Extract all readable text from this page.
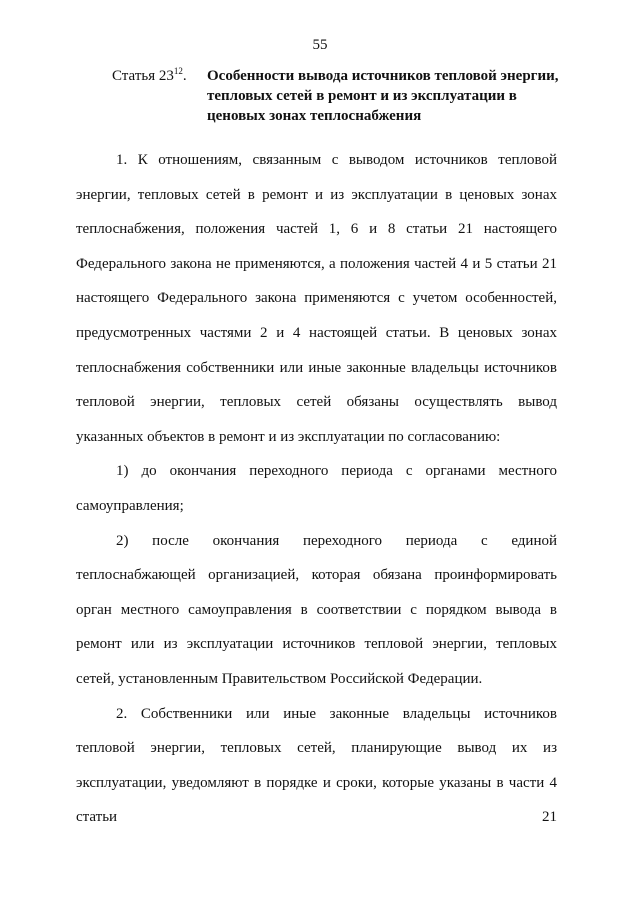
55
Статья $23^{12}$. Особенности вывода источников тепловой энергии,
тепловых сетей в ремонт и из эксплуатации в
ценовых зонах теплоснабжения

1. К отношениям, связанным с выводом источников тепловой энергии, тепловых сетей в ремонт и из эксплуатации в ценовых зонах теплоснабжения, положения частей 1, 6 и 8 статьи 21 настоящего Федерального закона не применяются, а положения частей 4 и 5 статьи 21 настоящего Федерального закона применяются с учетом особенностей, предусмотренных частями 2 и 4 настоящей статьи. В ценовых зонах теплоснабжения собственники или иные законные владельцы источников тепловой энергии, тепловых сетей обязаны осуществлять вывод указанных объектов в ремонт и из эксплуатации по согласованию:

1) до окончания переходного периода с органами местного самоуправления;

2) после окончания переходного периода с единой теплоснабжающей организацией, которая обязана проинформировать орган местного самоуправления в соответствии с порядком вывода в ремонт или из эксплуатации источников тепловой энергии, тепловых сетей, установленным Правительством Российской Федерации.

2. Собственники или иные законные владельцы источников тепловой энергии, тепловых сетей, планирующие вывод их из эксплуатации, уведомляют в порядке и сроки, которые указаны в части 4 статьи 21
